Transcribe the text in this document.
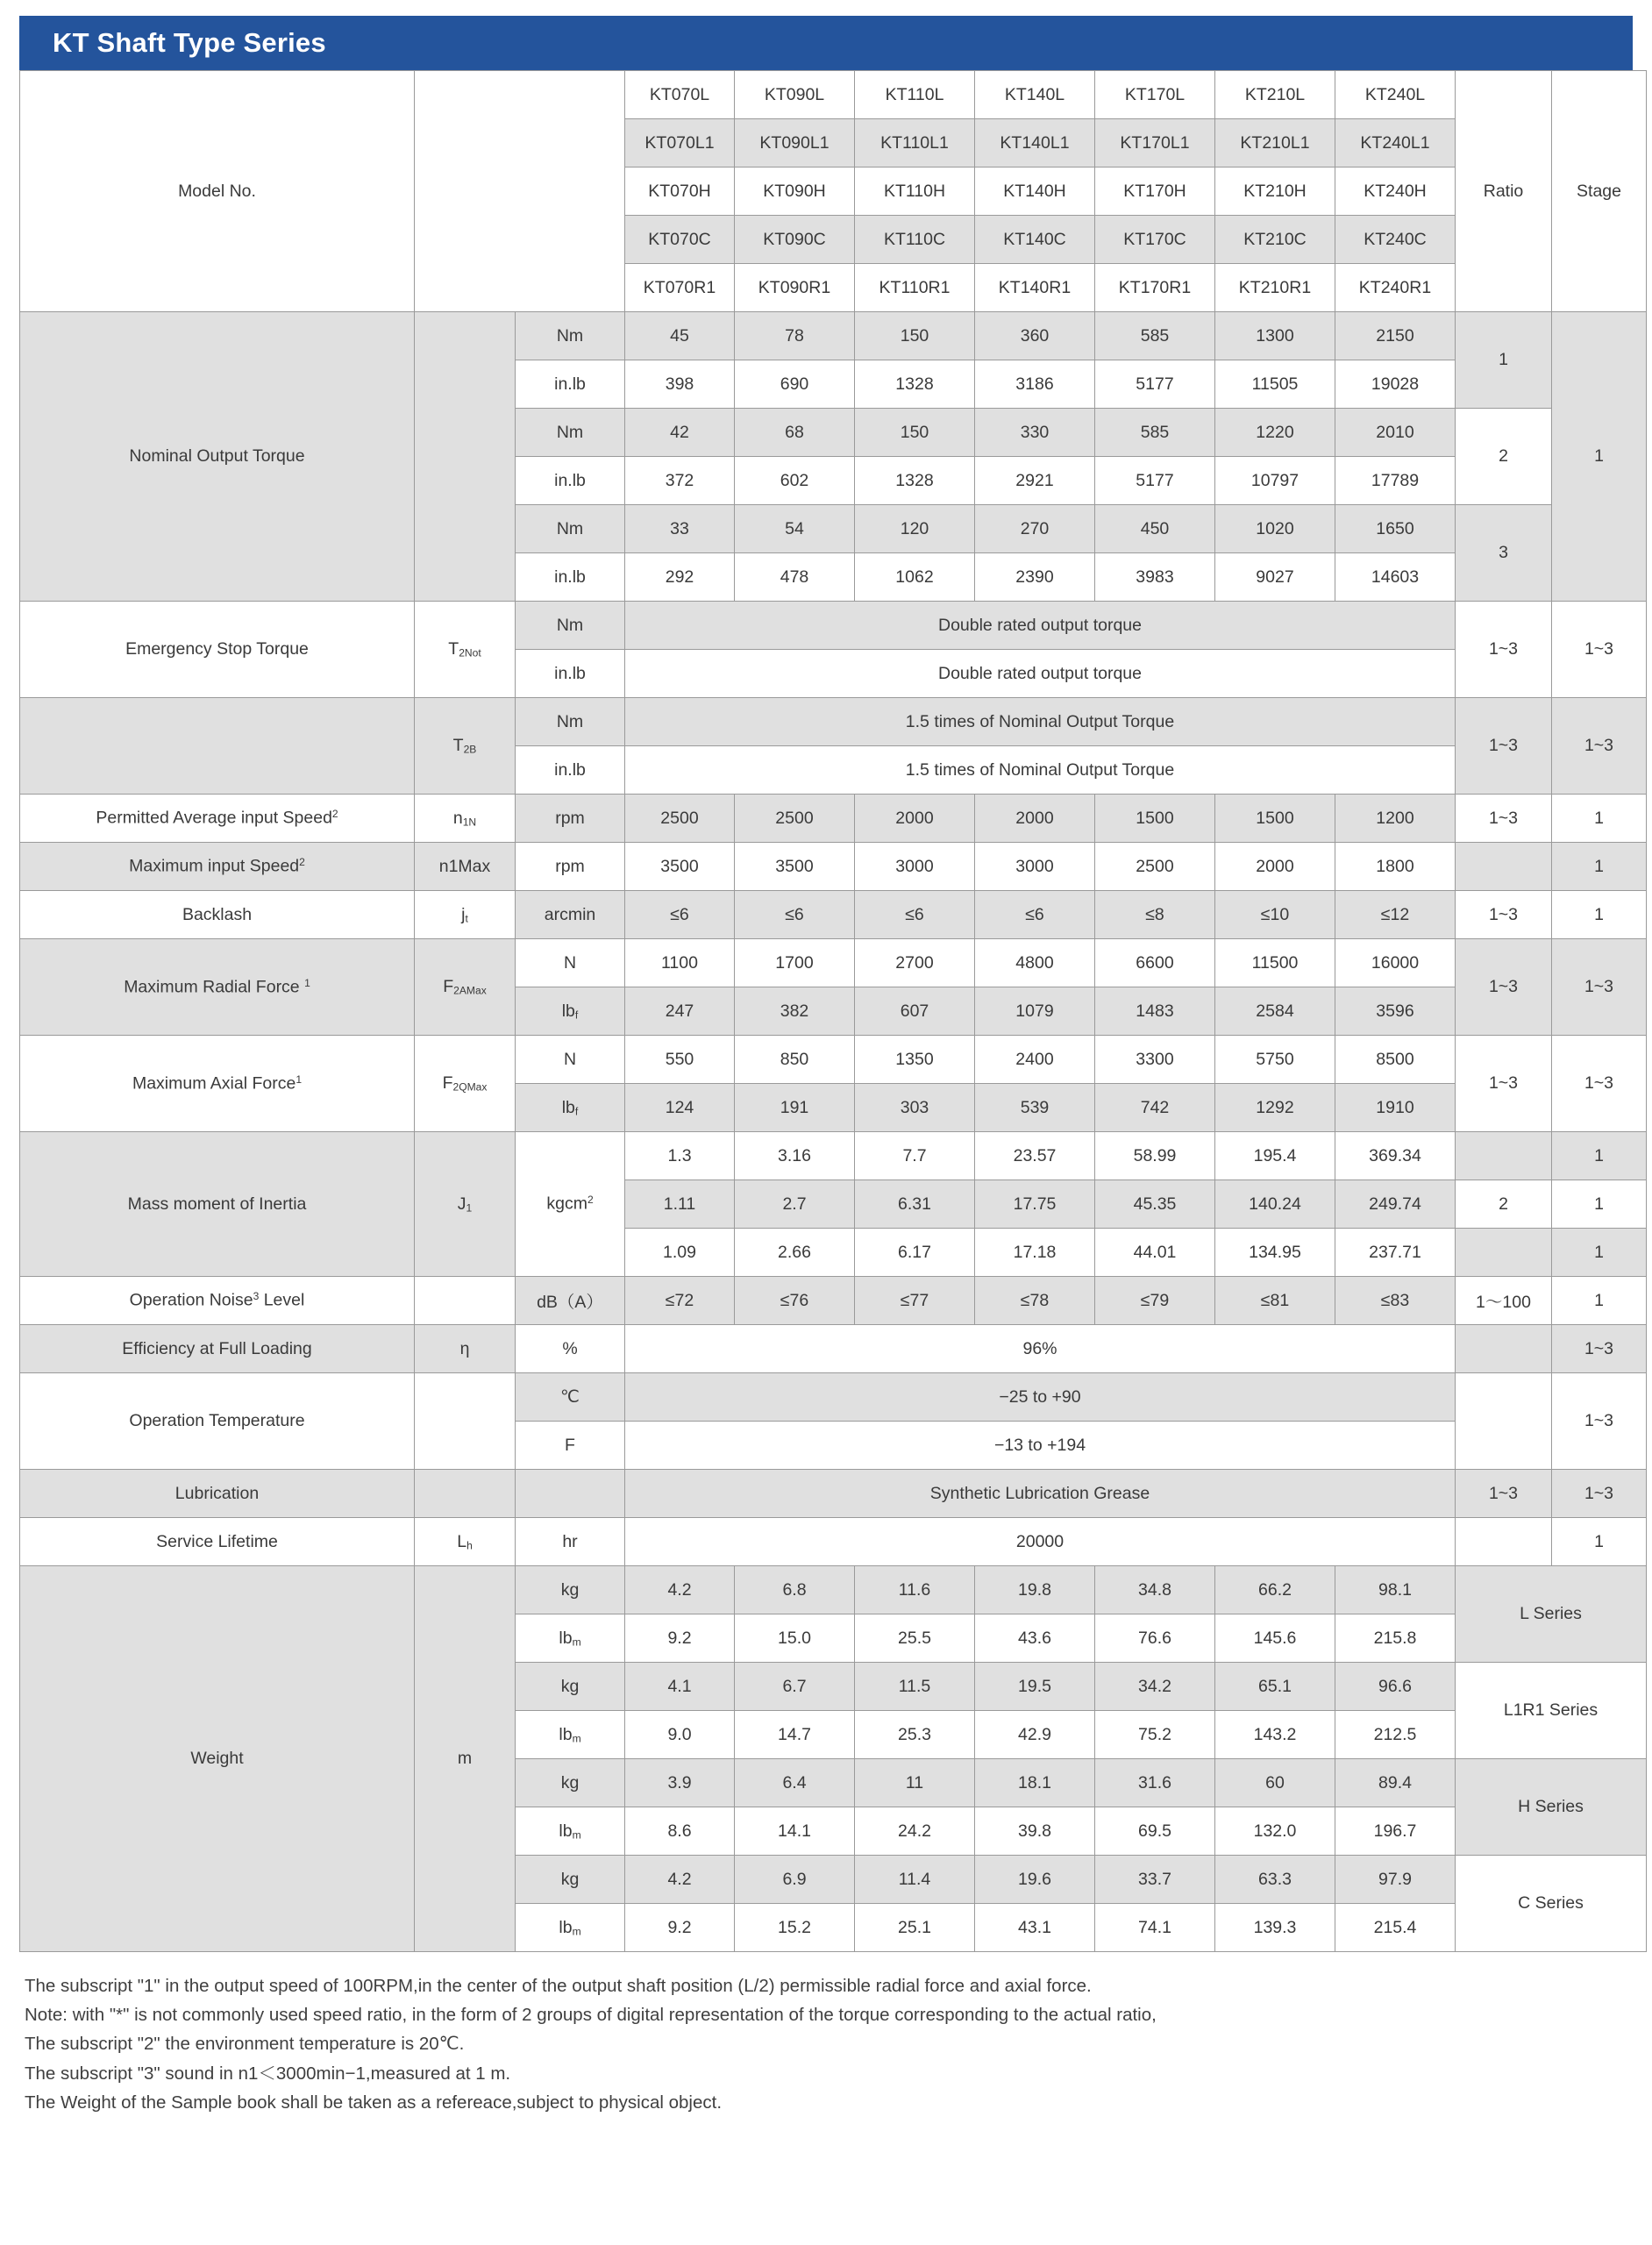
KT Shaft Type Series
Model No.			KT070L	KT090L	KT110L	KT140L	KT170L	KT210L	KT240L	Ratio	Stage
			KT070L1	KT090L1	KT110L1	KT140L1	KT170L1	KT210L1	KT240L1		
			KT070H	KT090H	KT110H	KT140H	KT170H	KT210H	KT240H		
			KT070C	KT090C	KT110C	KT140C	KT170C	KT210C	KT240C		
			KT070R1	KT090R1	KT110R1	KT140R1	KT170R1	KT210R1	KT240R1		
Nominal Output Torque		Nm	45	78	150	360	585	1300	2150	1	1
		in.lb	398	690	1328	3186	5177	11505	19028		
		Nm	42	68	150	330	585	1220	2010	2	
		in.lb	372	602	1328	2921	5177	10797	17789		
		Nm	33	54	120	270	450	1020	1650	3	
		in.lb	292	478	1062	2390	3983	9027	14603		
Emergency Stop Torque	$T_{2Not}$	Nm	Double rated output torque							1~3	1~3
		in.lb	Double rated output torque								
	$T_{2B}$	Nm	1.5 times of Nominal Output Torque							1~3	1~3
		in.lb	1.5 times of Nominal Output Torque								
Permitted Average input Speed$^2$	$n_{1N}$	rpm	2500	2500	2000	2000	1500	1500	1200	1~3	1
Maximum input Speed$^2$	n1Max	rpm	3500	3500	3000	3000	2500	2000	1800		1
Backlash	$j_t$	arcmin	≤6	≤6	≤6	≤6	≤8	≤10	≤12	1~3	1
Maximum Radial Force $^1$	$F_{2AMax}$	N	1100	1700	2700	4800	6600	11500	16000	1~3	1~3
		$lb_f$	247	382	607	1079	1483	2584	3596		
Maximum Axial Force$^1$	$F_{2QMax}$	N	550	850	1350	2400	3300	5750	8500	1~3	1~3
		$lb_f$	124	191	303	539	742	1292	1910		
Mass moment of Inertia	$J_1$	kgcm$^2$	1.3	3.16	7.7	23.57	58.99	195.4	369.34		1
			1.11	2.7	6.31	17.75	45.35	140.24	249.74	2	1
			1.09	2.66	6.17	17.18	44.01	134.95	237.71		1
Operation Noise$^3$ Level		dB（A）	≤72	≤76	≤77	≤78	≤79	≤81	≤83	1～100	1
Efficiency at Full Loading	η	%	96%								1~3
Operation Temperature		℃	−25 to +90								1~3
		F	−13 to +194								
Lubrication			Synthetic Lubrication Grease							1~3	1~3
Service Lifetime	$L_h$	hr	20000								1
Weight	m	kg	4.2	6.8	11.6	19.8	34.8	66.2	98.1	L Series	
		$lb_m$	9.2	15.0	25.5	43.6	76.6	145.6	215.8		
		kg	4.1	6.7	11.5	19.5	34.2	65.1	96.6	L1R1 Series	
		$lb_m$	9.0	14.7	25.3	42.9	75.2	143.2	212.5		
		kg	3.9	6.4	11	18.1	31.6	60	89.4	H Series	
		$lb_m$	8.6	14.1	24.2	39.8	69.5	132.0	196.7		
		kg	4.2	6.9	11.4	19.6	33.7	63.3	97.9	C Series	
		$lb_m$	9.2	15.2	25.1	43.1	74.1	139.3	215.4		
The subscript "1" in the output speed of 100RPM,in the center of the output shaft position (L/2) permissible radial force and axial force.
Note: with "*" is not commonly used speed ratio, in the form of 2 groups of digital representation of the torque corresponding to the actual ratio,
The subscript "2" the environment temperature is 20℃.
The subscript "3" sound in n1＜3000min−1,measured at 1 m.
The Weight of the Sample book shall be taken as a refereace,subject to physical object.
